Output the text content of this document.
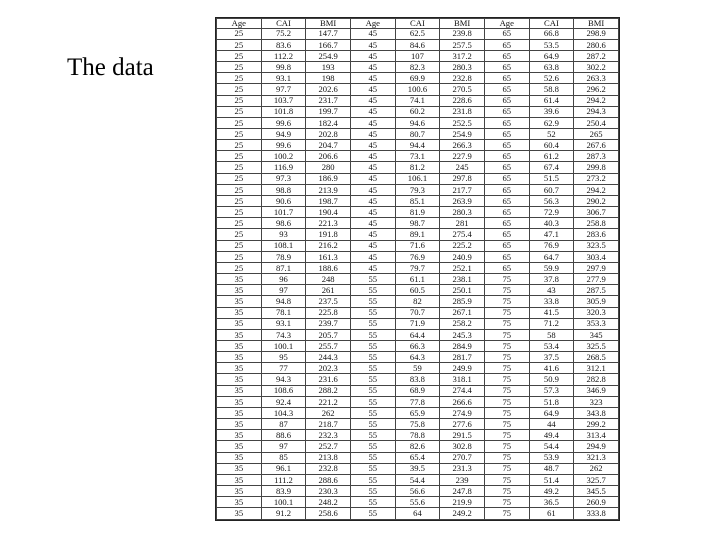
The data
Age	CAI	BMI	Age	CAI	BMI	Age	CAI	BMI
25	75.2	147.7	45	62.5	239.8	65	66.8	298.9
25	83.6	166.7	45	84.6	257.5	65	53.5	280.6
25	112.2	254.9	45	107	317.2	65	64.9	287.2
25	99.8	193	45	82.3	280.3	65	63.8	302.2
25	93.1	198	45	69.9	232.8	65	52.6	263.3
25	97.7	202.6	45	100.6	270.5	65	58.8	296.2
25	103.7	231.7	45	74.1	228.6	65	61.4	294.2
25	101.8	199.7	45	60.2	231.8	65	39.6	294.3
25	99.6	182.4	45	94.6	252.5	65	62.9	250.4
25	94.9	202.8	45	80.7	254.9	65	52	265
25	99.6	204.7	45	94.4	266.3	65	60.4	267.6
25	100.2	206.6	45	73.1	227.9	65	61.2	287.3
25	116.9	280	45	81.2	245	65	67.4	299.8
25	97.3	186.9	45	106.1	297.8	65	51.5	273.2
25	98.8	213.9	45	79.3	217.7	65	60.7	294.2
25	90.6	198.7	45	85.1	263.9	65	56.3	290.2
25	101.7	190.4	45	81.9	280.3	65	72.9	306.7
25	98.6	221.3	45	98.7	281	65	40.3	258.8
25	93	191.8	45	89.1	275.4	65	47.1	283.6
25	108.1	216.2	45	71.6	225.2	65	76.9	323.5
25	78.9	161.3	45	76.9	240.9	65	64.7	303.4
25	87.1	188.6	45	79.7	252.1	65	59.9	297.9
35	96	248	55	61.1	238.1	75	37.8	277.9
35	97	261	55	60.5	250.1	75	43	287.5
35	94.8	237.5	55	82	285.9	75	33.8	305.9
35	78.1	225.8	55	70.7	267.1	75	41.5	320.3
35	93.1	239.7	55	71.9	258.2	75	71.2	353.3
35	74.3	205.7	55	64.4	245.3	75	58	345
35	100.1	255.7	55	66.3	284.9	75	53.4	325.5
35	95	244.3	55	64.3	281.7	75	37.5	268.5
35	77	202.3	55	59	249.9	75	41.6	312.1
35	94.3	231.6	55	83.8	318.1	75	50.9	282.8
35	108.6	288.2	55	68.9	274.4	75	57.3	346.9
35	92.4	221.2	55	77.8	266.6	75	51.8	323
35	104.3	262	55	65.9	274.9	75	64.9	343.8
35	87	218.7	55	75.8	277.6	75	44	299.2
35	88.6	232.3	55	78.8	291.5	75	49.4	313.4
35	97	252.7	55	82.6	302.8	75	54.4	294.9
35	85	213.8	55	65.4	270.7	75	53.9	321.3
35	96.1	232.8	55	39.5	231.3	75	48.7	262
35	111.2	288.6	55	54.4	239	75	51.4	325.7
35	83.9	230.3	55	56.6	247.8	75	49.2	345.5
35	100.1	248.2	55	55.6	219.9	75	36.5	260.9
35	91.2	258.6	55	64	249.2	75	61	333.8
